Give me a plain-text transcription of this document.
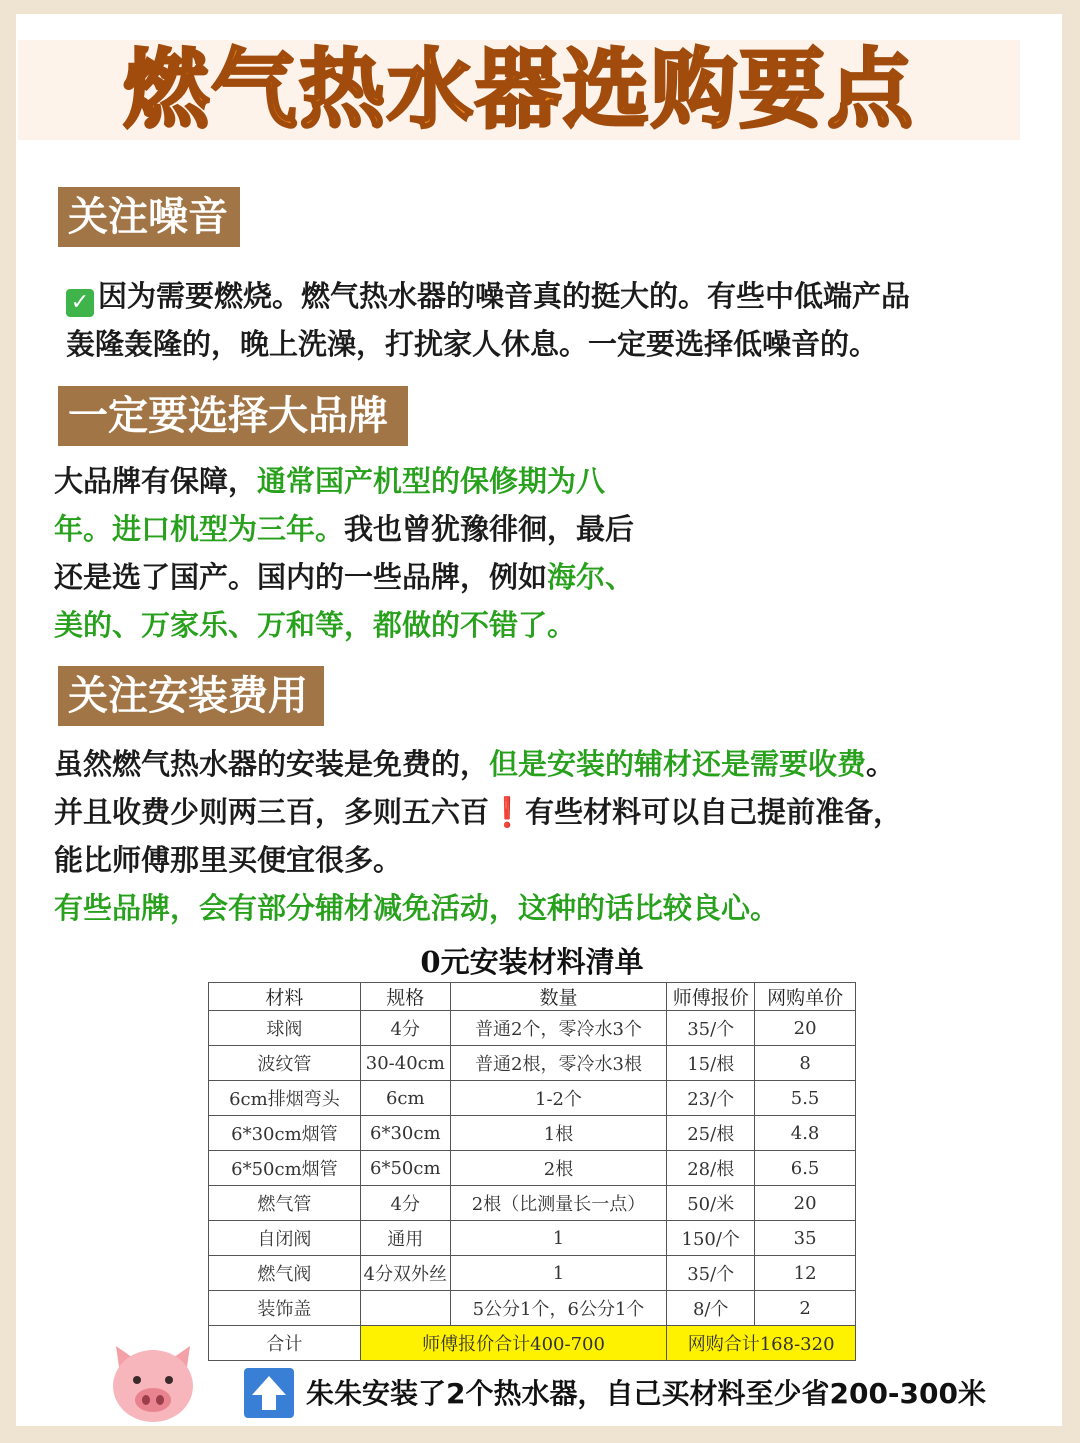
燃气热水器选购要点
关注噪音
✓ 因为需要燃烧。燃气热水器的噪音真的挺大的。有些中低端产品
轰隆轰隆的，晚上洗澡，打扰家人休息。一定要选择低噪音的。
一定要选择大品牌
大品牌有保障，通常国产机型的保修期为八
年。进口机型为三年。我也曾犹豫徘徊，最后
还是选了国产。国内的一些品牌，例如海尔、
美的、万家乐、万和等，都做的不错了。
关注安装费用
虽然燃气热水器的安装是免费的，但是安装的辅材还是需要收费。
并且收费少则两三百，多则五六百❗有些材料可以自己提前准备，
能比师傅那里买便宜很多。
有些品牌，会有部分辅材减免活动，这种的话比较良心。
0元安装材料清单
材料	规格	数量	师傅报价	网购单价
球阀	4分	普通2个，零冷水3个	35/个	20
波纹管	30-40cm	普通2根，零冷水3根	15/根	8
6cm排烟弯头	6cm	1-2个	23/个	5.5
6*30cm烟管	6*30cm	1根	25/根	4.8
6*50cm烟管	6*50cm	2根	28/根	6.5
燃气管	4分	2根（比测量长一点）	50/米	20
自闭阀	通用	1	150/个	35
燃气阀	4分双外丝	1	35/个	12
装饰盖		5公分1个，6公分1个	8/个	2
合计	师傅报价合计400-700		网购合计168-320	
朱朱安装了2个热水器，自己买材料至少省200-300米
